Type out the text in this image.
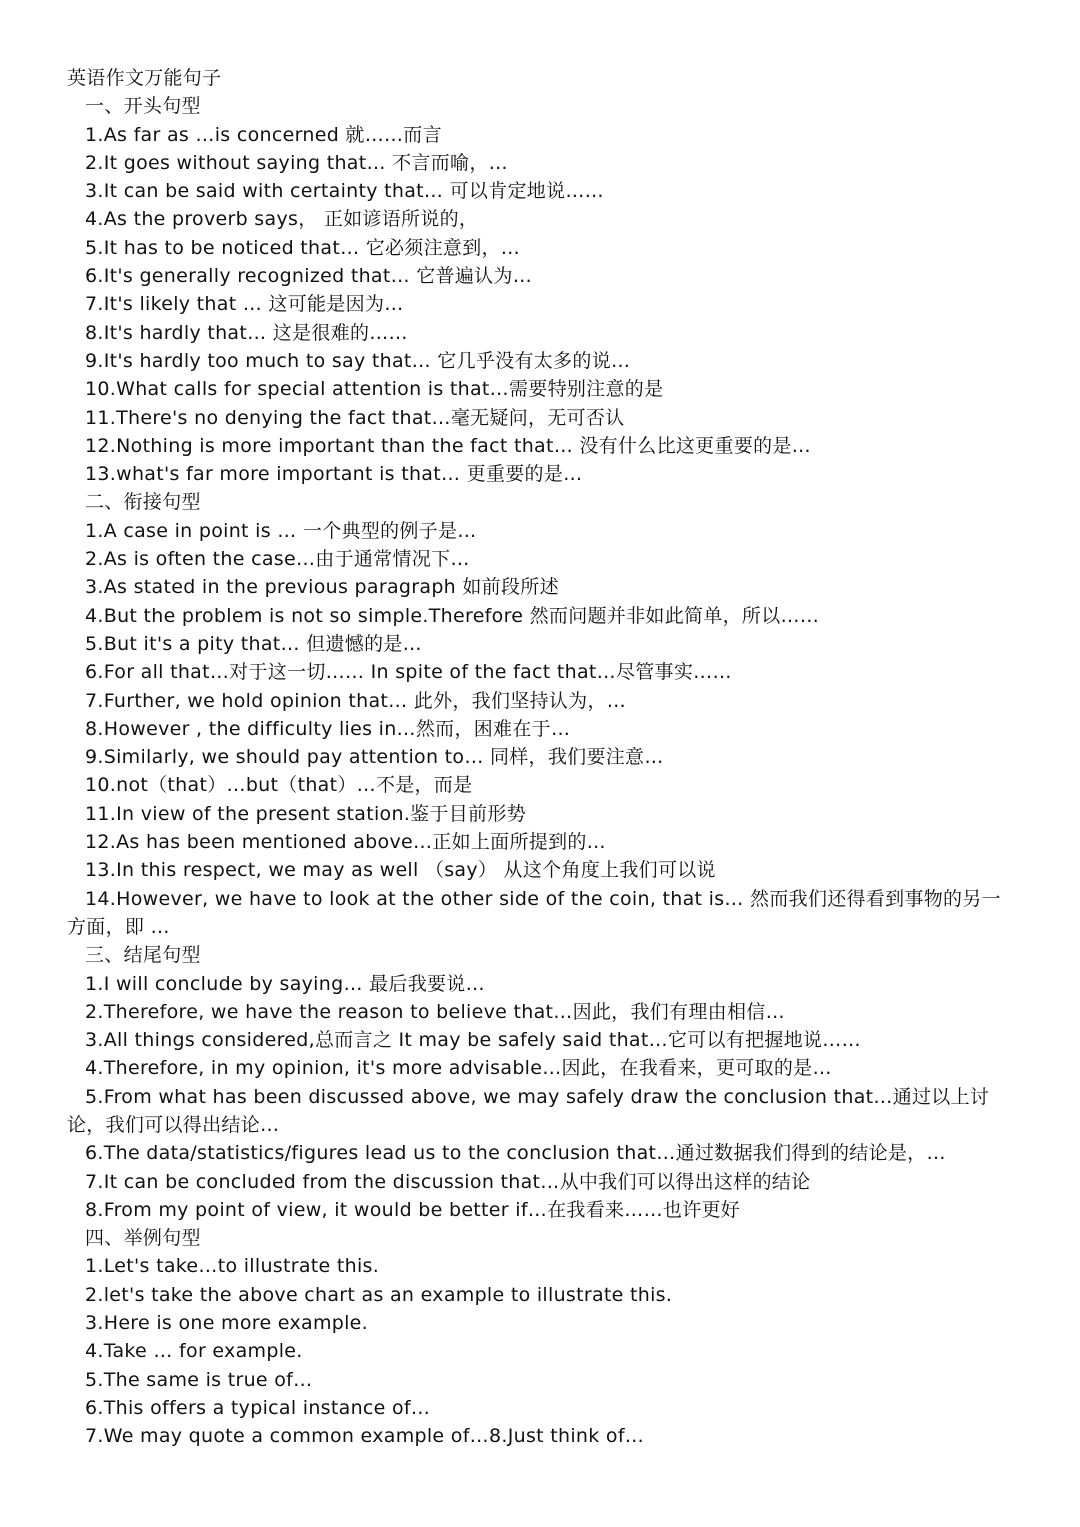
英语作文万能句子
一、开头句型
1.As far as …is concerned 就……而言
2.It goes without saying that… 不言而喻，…
3.It can be said with certainty that… 可以肯定地说……
4.As the proverb says， 正如谚语所说的，
5.It has to be noticed that… 它必须注意到，…
6.It's generally recognized that… 它普遍认为…
7.It's likely that … 这可能是因为…
8.It's hardly that… 这是很难的……
9.It's hardly too much to say that… 它几乎没有太多的说…
10.What calls for special attention is that…需要特别注意的是
11.There's no denying the fact that…毫无疑问，无可否认
12.Nothing is more important than the fact that… 没有什么比这更重要的是…
13.what's far more important is that… 更重要的是…
二、衔接句型
1.A case in point is … 一个典型的例子是…
2.As is often the case…由于通常情况下…
3.As stated in the previous paragraph 如前段所述
4.But the problem is not so simple.Therefore 然而问题并非如此简单，所以……
5.But it's a pity that… 但遗憾的是…
6.For all that…对于这一切…… In spite of the fact that…尽管事实……
7.Further, we hold opinion that… 此外，我们坚持认为，…
8.However , the difficulty lies in…然而，困难在于…
9.Similarly, we should pay attention to… 同样，我们要注意…
10.not（that）…but（that）…不是，而是
11.In view of the present station.鉴于目前形势
12.As has been mentioned above…正如上面所提到的…
13.In this respect, we may as well （say） 从这个角度上我们可以说
14.However, we have to look at the other side of the coin, that is… 然而我们还得看到事物的另一方面，即 …
三、结尾句型
1.I will conclude by saying… 最后我要说…
2.Therefore, we have the reason to believe that…因此，我们有理由相信…
3.All things considered,总而言之 It may be safely said that…它可以有把握地说……
4.Therefore, in my opinion, it's more advisable…因此，在我看来，更可取的是…
5.From what has been discussed above, we may safely draw the conclusion that…通过以上讨论，我们可以得出结论…
6.The data/statistics/figures lead us to the conclusion that…通过数据我们得到的结论是，…
7.It can be concluded from the discussion that…从中我们可以得出这样的结论
8.From my point of view, it would be better if…在我看来……也许更好
四、举例句型
1.Let's take…to illustrate this.
2.let's take the above chart as an example to illustrate this.
3.Here is one more example.
4.Take … for example.
5.The same is true of…
6.This offers a typical instance of…
7.We may quote a common example of…8.Just think of…
